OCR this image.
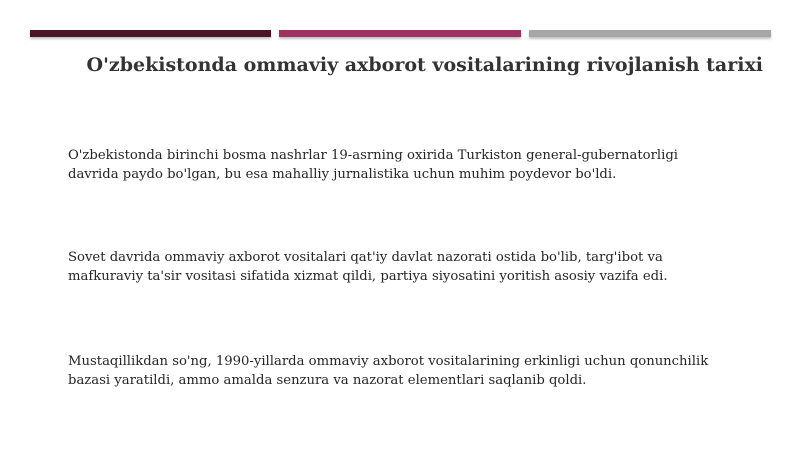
O'zbekistonda ommaviy axborot vositalarining rivojlanish tarixi

O'zbekistonda birinchi bosma nashrlar 19-asrning oxirida Turkiston general-gubernatorligi
davrida paydo bo'lgan, bu esa mahalliy jurnalistika uchun muhim poydevor bo'ldi.

Sovet davrida ommaviy axborot vositalari qat'iy davlat nazorati ostida bo'lib, targ'ibot va
mafkuraviy ta'sir vositasi sifatida xizmat qildi, partiya siyosatini yoritish asosiy vazifa edi.

Mustaqillikdan so'ng, 1990-yillarda ommaviy axborot vositalarining erkinligi uchun qonunchilik
bazasi yaratildi, ammo amalda senzura va nazorat elementlari saqlanib qoldi.
